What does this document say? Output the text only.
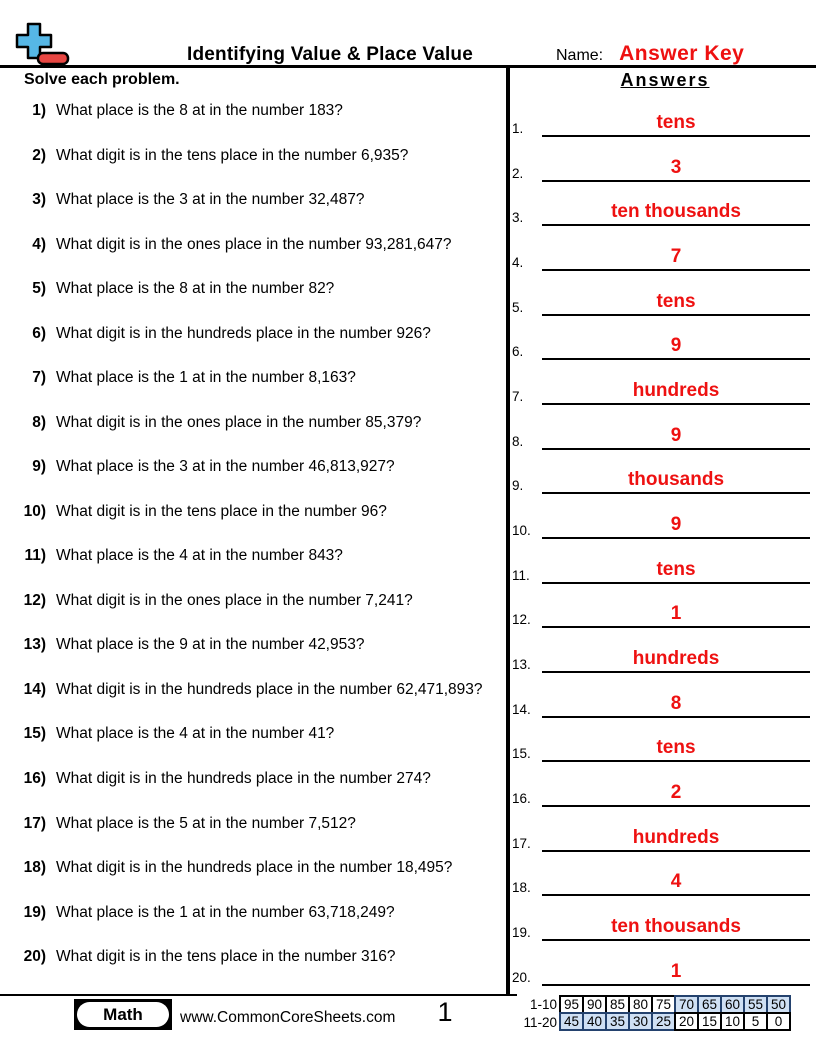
Identifying Value & Place Value	Name: Answer Key
Solve each problem.	Answers
1) What place is the 8 at in the number 183?
2) What digit is in the tens place in the number 6,935?
3) What place is the 3 at in the number 32,487?
4) What digit is in the ones place in the number 93,281,647?
5) What place is the 8 at in the number 82?
6) What digit is in the hundreds place in the number 926?
7) What place is the 1 at in the number 8,163?
8) What digit is in the ones place in the number 85,379?
9) What place is the 3 at in the number 46,813,927?
10) What digit is in the tens place in the number 96?
11) What place is the 4 at in the number 843?
12) What digit is in the ones place in the number 7,241?
13) What place is the 9 at in the number 42,953?
14) What digit is in the hundreds place in the number 62,471,893?
15) What place is the 4 at in the number 41?
16) What digit is in the hundreds place in the number 274?
17) What place is the 5 at in the number 7,512?
18) What digit is in the hundreds place in the number 18,495?
19) What place is the 1 at in the number 63,718,249?
20) What digit is in the tens place in the number 316?
1.	tens
2.	3
3.	ten thousands
4.	7
5.	tens
6.	9
7.	hundreds
8.	9
9.	thousands
10.	9
11.	tens
12.	1
13.	hundreds
14.	8
15.	tens
16.	2
17.	hundreds
18.	4
19.	ten thousands
20.	1
Math	www.CommonCoreSheets.com	1	1-10 95 90 85 80 75 70 65 60 55 50
11-20 45 40 35 30 25 20 15 10 5	0
